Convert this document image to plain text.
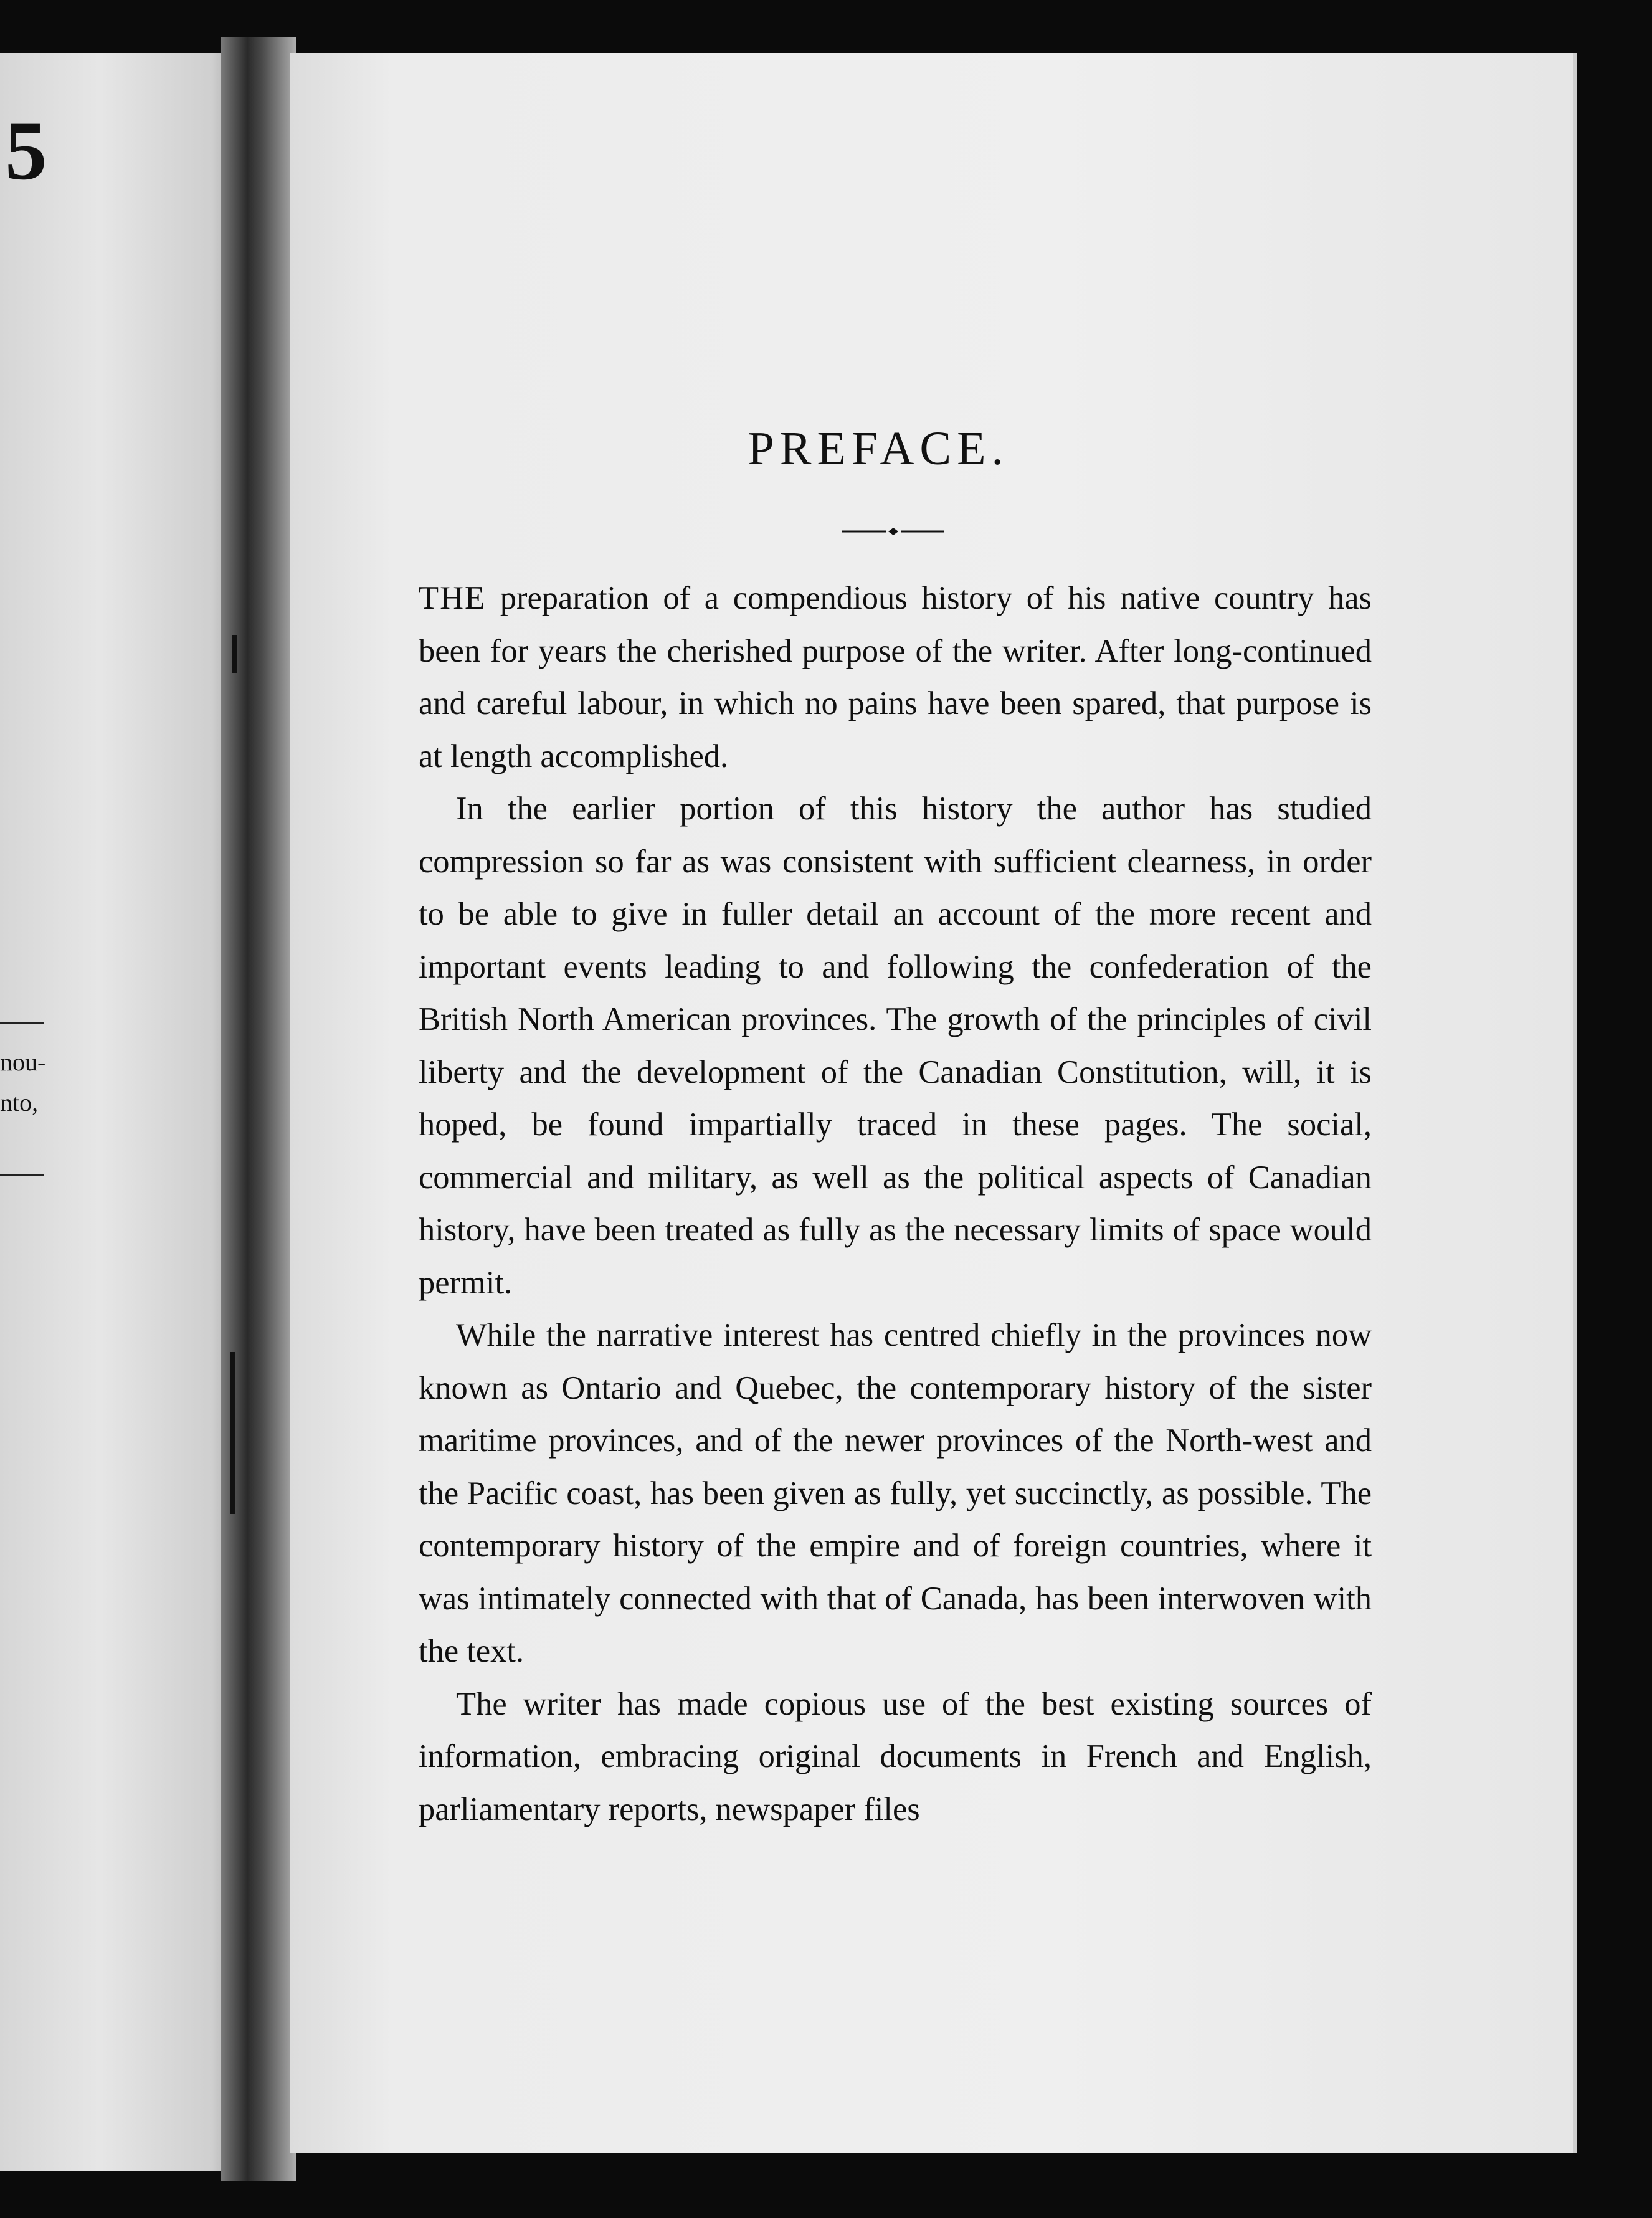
5
nou-
nto,
PREFACE.

THE preparation of a compendious history of his native country has been for years the cherished purpose of the writer. After long-continued and careful labour, in which no pains have been spared, that purpose is at length accomplished.

In the earlier portion of this history the author has studied compression so far as was consistent with sufficient clearness, in order to be able to give in fuller detail an account of the more recent and important events leading to and following the confederation of the British North American provinces. The growth of the principles of civil liberty and the development of the Canadian Constitution, will, it is hoped, be found impartially traced in these pages. The social, commercial and military, as well as the political aspects of Canadian history, have been treated as fully as the necessary limits of space would permit.

While the narrative interest has centred chiefly in the provinces now known as Ontario and Quebec, the contemporary history of the sister maritime provinces, and of the newer provinces of the North-west and the Pacific coast, has been given as fully, yet succinctly, as possible. The contemporary history of the empire and of foreign countries, where it was intimately connected with that of Canada, has been interwoven with the text.

The writer has made copious use of the best existing sources of information, embracing original documents in French and English, parliamentary reports, newspaper files
